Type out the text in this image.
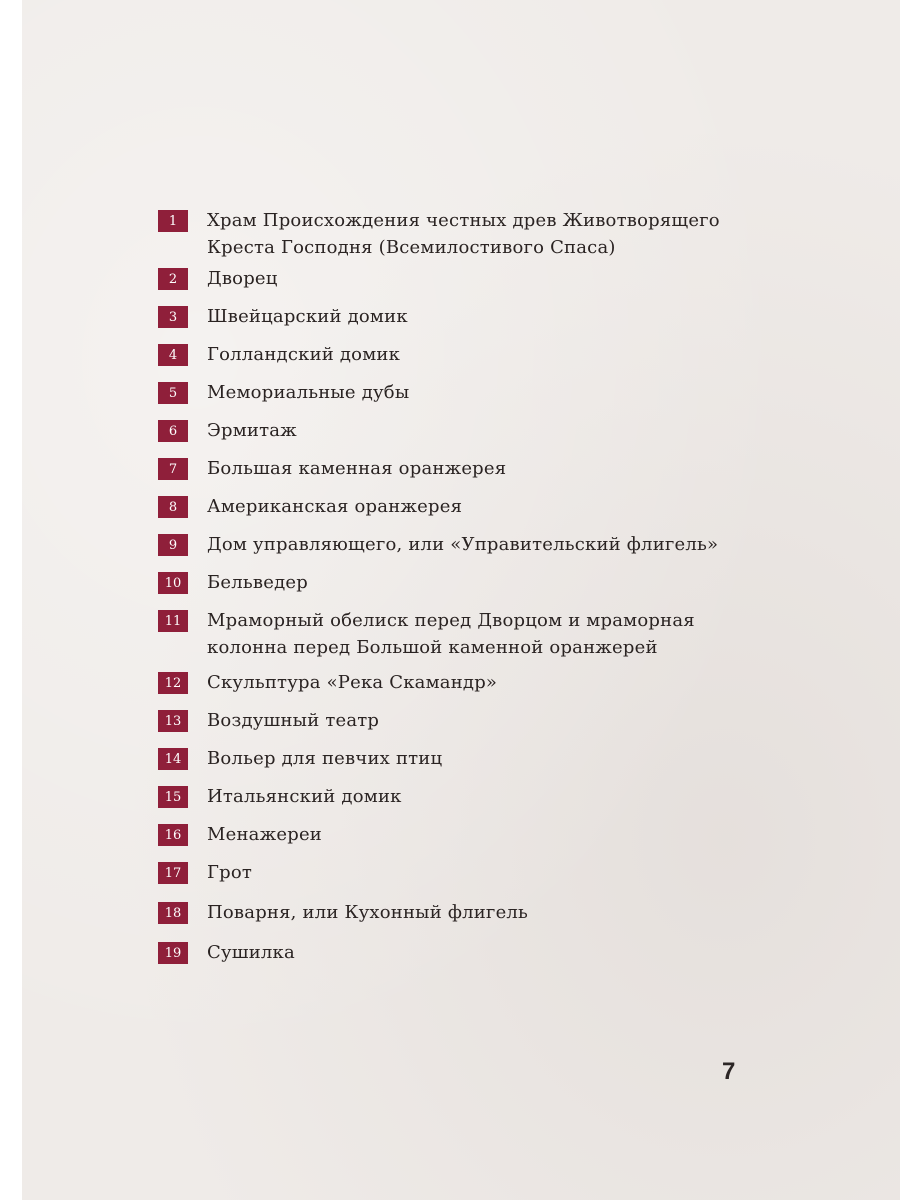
1	Храм Происхождения честных древ Животворящего Креста Господня (Всемилостивого Спаса)
2	Дворец
3	Швейцарский домик
4	Голландский домик
5	Мемориальные дубы
6	Эрмитаж
7	Большая каменная оранжерея
8	Американская оранжерея
9	Дом управляющего, или «Управительский флигель»
10	Бельведер
11	Мраморный обелиск перед Дворцом и мраморная колонна перед Большой каменной оранжерей
12	Скульптура «Река Скамандр»
13	Воздушный театр
14	Вольер для певчих птиц
15	Итальянский домик
16	Менажереи
17	Грот
18	Поварня, или Кухонный флигель
19	Сушилка
7
